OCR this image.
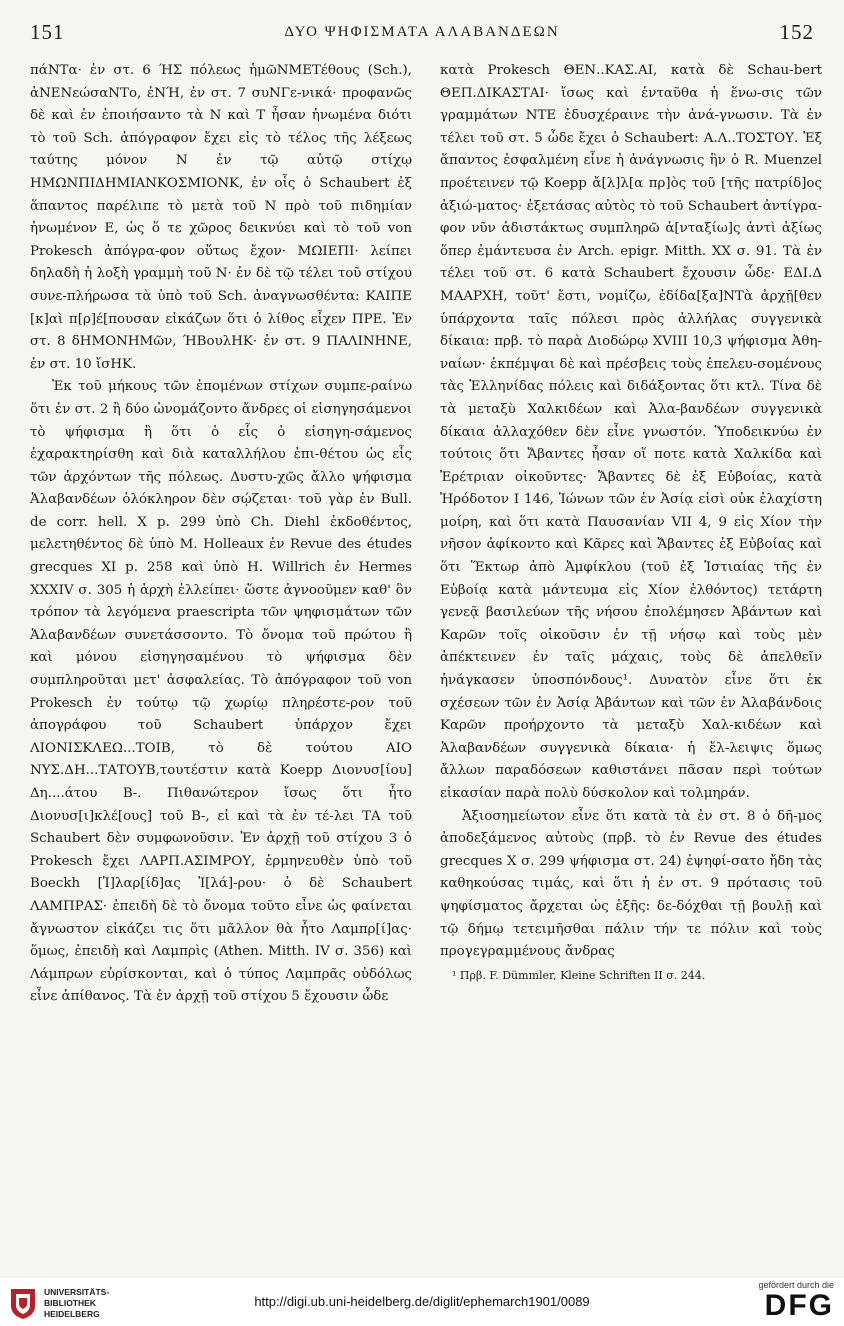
151	ΔΥΟ ΨΗΦΙΣΜΑΤΑ ΑΛΑΒΑΝΔΕΩΝ	152

πάΝΤα· ἐν στ. 6 ΉΣ πόλεως ἡμῶΝΜΕΤέθους (Sch.), ἀΝΕΝεώσαΝΤο, ἐΝΉ, ἐν στ. 7 συΝΓε-νικά· προφανῶς δὲ καὶ ἐν ἐποιήσαντο τὰ Ν καὶ Τ ἦσαν ἡνωμένα διότι τὸ τοῦ Sch. ἀπόγραφον ἔχει εἰς τὸ τέλος τῆς λέξεως ταύτης μόνον Ν ἐν τῷ αὐτῷ στίχῳ ΗΜΩΝΠΙΔΗΜΙΑΝΚΟΣΜΙΟΝΚ, ἐν οἷς ὁ Schaubert ἐξ ἅπαντος παρέλιπε τὸ μετὰ τοῦ Ν πρὸ τοῦ πιδημίαν ἡνωμένον Ε, ὡς ὅ τε χῶρος δεικνύει καὶ τὸ τοῦ von Prokesch ἀπόγρα-φον οὕτως ἔχον· ΜΩΙΕΠΙ· λείπει δηλαδὴ ἡ λοξὴ γραμμὴ τοῦ Ν· ἐν δὲ τῷ τέλει τοῦ στίχου συνε-πλήρωσα τὰ ὑπὸ τοῦ Sch. ἀναγνωσθέντα: ΚΑΙΠΕ [κ]αὶ π[ρ]έ[πουσαν εἰκάζων ὅτι ὁ λίθος εἶχεν ΠΡΕ. Ἐν στ. 8 δΗΜΟΝΗΜῶν, ΉΒουλΗΚ· ἐν στ. 9 ΠΑΛΙΝΗΝΕ, ἐν στ. 10 ἴσΗΚ.

Ἐκ τοῦ μήκους τῶν ἑπομένων στίχων συμπε-ραίνω ὅτι ἐν στ. 2 ἢ δύο ὠνομάζοντο ἄνδρες οἱ εἰσηγησάμενοι τὸ ψήφισμα ἢ ὅτι ὁ εἷς ὁ εἰσηγη-σάμενος ἐχαρακτηρίσθη καὶ διὰ καταλλήλου ἐπι-θέτου ὡς εἷς τῶν ἀρχόντων τῆς πόλεως. Δυστυ-χῶς ἄλλο ψήφισμα Ἀλαβανδέων ὁλόκληρον δὲν σῴζεται· τοῦ γὰρ ἐν Bull. de corr. hell. X p. 299 ὑπὸ Ch. Diehl ἐκδοθέντος, μελετηθέντος δὲ ὑπὸ M. Holleaux ἐν Revue des études grecques XI p. 258 καὶ ὑπὸ H. Willrich ἐν Hermes XXXIV σ. 305 ἡ ἀρχὴ ἐλλείπει· ὥστε ἀγνοοῦμεν καθ' ὃν τρόπον τὰ λεγόμενα praescripta τῶν ψηφισμάτων τῶν Ἀλαβανδέων συνετάσσοντο. Τὸ ὄνομα τοῦ πρώτου ἢ καὶ μόνου εἰσηγησαμένου τὸ ψήφισμα δὲν συμπληροῦται μετ' ἀσφαλείας. Τὸ ἀπόγραφον τοῦ von Prokesch ἐν τούτῳ τῷ χωρίῳ πληρέστε-ρον τοῦ ἀπογράφου τοῦ Schaubert ὑπάρχον ἔχει ΛΙΟΝΙΣΚΛΕΩ...ΤΟΙΒ, τὸ δὲ τούτου ΑΙΟ ΝΥΣ.ΔΗ...ΤΑΤΟΥΒ,τουτέστιν κατὰ Koepp Διονυσ[ίου] Δη....άτου Β-. Πιθανώτερον ἴσως ὅτι ἦτο Διονυσ[ι]κλέ[ους] τοῦ Β-, εἰ καὶ τὰ ἐν τέ-λει ΤΑ τοῦ Schaubert δὲν συμφωνοῦσιν. Ἐν ἀρχῇ τοῦ στίχου 3 ὁ Prokesch ἔχει ΛΑΡΠ.ΑΣΙΜΡΟΥ, ἑρμηνευθὲν ὑπὸ τοῦ Boeckh [Ἰ]λαρ[ίδ]ας Ἰ[λά]-ρου· ὁ δὲ Schaubert ΛΑΜΠΡΑΣ· ἐπειδὴ δὲ τὸ ὄνομα τοῦτο εἶνε ὡς φαίνεται ἄγνωστον εἰκάζει τις ὅτι μᾶλλον θὰ ἦτο Λαμπρ[ί]ας· ὅμως, ἐπειδὴ καὶ Λαμπρὶς (Athen. Mitth. IV σ. 356) καὶ Λάμπρων εὑρίσκονται, καὶ ὁ τύπος Λαμπρᾶς οὐδόλως εἶνε ἀπίθανος. Τὰ ἐν ἀρχῇ τοῦ στίχου 5 ἔχουσιν ὧδε

κατὰ Prokesch ΘΕΝ..ΚΑΣ.ΑΙ, κατὰ δὲ Schau-bert ΘΕΠ.ΔΙΚΑΣΤΑΙ· ἴσως καὶ ἐνταῦθα ἡ ἕνω-σις τῶν γραμμάτων ΝΤΕ ἐδυσχέραινε τὴν ἀνά-γνωσιν. Τὰ ἐν τέλει τοῦ στ. 5 ὧδε ἔχει ὁ Schaubert: Α.Λ..ΤΟΣΤΟΥ. Ἐξ ἅπαντος ἐσφαλμένη εἶνε ἡ ἀνάγνωσις ἣν ὁ R. Muenzel προέτεινεν τῷ Koepp ἄ[λ]λ[α πρ]ὸς τοῦ [τῆς πατρίδ]ος ἀξιώ-ματος· ἐξετάσας αὐτὸς τὸ τοῦ Schaubert ἀντίγρα-φον νῦν ἀδιστάκτως συμπληρῶ ἀ[νταξίω]ς ἀντὶ ἀξίως ὅπερ ἐμάντευσα ἐν Arch. epigr. Mitth. XX σ. 91. Τὰ ἐν τέλει τοῦ στ. 6 κατὰ Schaubert ἔχουσιν ὧδε· ΕΔΙ.Δ ΜΑΑΡΧΗ, τοῦτ' ἔστι, νομίζω, ἐδίδα[ξα]ΝΤὰ ἀρχῇ[θεν ὑπάρχοντα ταῖς πόλεσι πρὸς ἀλλήλας συγγενικὰ δίκαια: πρβ. τὸ παρὰ Διοδώρῳ XVIII 10,3 ψήφισμα Ἀθη-ναίων· ἐκπέμψαι δὲ καὶ πρέσβεις τοὺς ἐπελευ-σομένους τὰς Ἑλληνίδας πόλεις καὶ διδάξοντας ὅτι κτλ. Τίνα δὲ τὰ μεταξὺ Χαλκιδέων καὶ Ἀλα-βανδέων συγγενικὰ δίκαια ἀλλαχόθεν δὲν εἶνε γνωστόν. Ὑποδεικνύω ἐν τούτοις ὅτι Ἄβαντες ἦσαν οἵ ποτε κατὰ Χαλκίδα καὶ Ἐρέτριαν οἰκοῦντες· Ἄβαντες δὲ ἐξ Εὐβοίας, κατὰ Ἡρόδοτον I 146, Ἰώνων τῶν ἐν Ἀσίᾳ εἰσὶ οὐκ ἐλαχίστη μοίρη, καὶ ὅτι κατὰ Παυσανίαν VII 4, 9 εἰς Χίον τὴν νῆσον ἀφίκοντο καὶ Κᾶρες καὶ Ἄβαντες ἐξ Εὐβοίας καὶ ὅτι Ἕκτωρ ἀπὸ Ἀμφίκλου (τοῦ ἐξ Ἱστιαίας τῆς ἐν Εὐβοίᾳ κατὰ μάντευμα εἰς Χίον ἐλθόντος) τετάρτη γενεᾷ βασιλεύων τῆς νήσου ἐπολέμησεν Ἀβάντων καὶ Καρῶν τοῖς οἰκοῦσιν ἐν τῇ νήσῳ καὶ τοὺς μὲν ἀπέκτεινεν ἐν ταῖς μάχαις, τοὺς δὲ ἀπελθεῖν ἠνάγκασεν ὑποσπόνδους¹. Δυνατὸν εἶνε ὅτι ἐκ σχέσεων τῶν ἐν Ἀσίᾳ Ἀβάντων καὶ τῶν ἐν Ἀλαβάνδοις Καρῶν προήρχοντο τὰ μεταξὺ Χαλ-κιδέων καὶ Ἀλαβανδέων συγγενικὰ δίκαια· ἡ ἔλ-λειψις ὅμως ἄλλων παραδόσεων καθιστάνει πᾶσαν περὶ τούτων εἰκασίαν παρὰ πολὺ δύσκολον καὶ τολμηράν.

Ἀξιοσημείωτον εἶνε ὅτι κατὰ τὰ ἐν στ. 8 ὁ δῆ-μος ἀποδεξάμενος αὐτοὺς (πρβ. τὸ ἐν Revue des études grecques X σ. 299 ψήφισμα στ. 24) ἐψηφί-σατο ἤδη τὰς καθηκούσας τιμάς, καὶ ὅτι ἡ ἐν στ. 9 πρότασις τοῦ ψηφίσματος ἄρχεται ὡς ἑξῆς: δε-δόχθαι τῇ βουλῇ καὶ τῷ δήμῳ τετειμῆσθαι πάλιν τήν τε πόλιν καὶ τοὺς προγεγραμμένους ἄνδρας

¹ Πρβ. F. Dümmler, Kleine Schriften II σ. 244.

UNIVERSITÄTS-
BIBLIOTHEK
HEIDELBERG
http://digi.ub.uni-heidelberg.de/diglit/ephemarch1901/0089
gefördert durch die
DFG
